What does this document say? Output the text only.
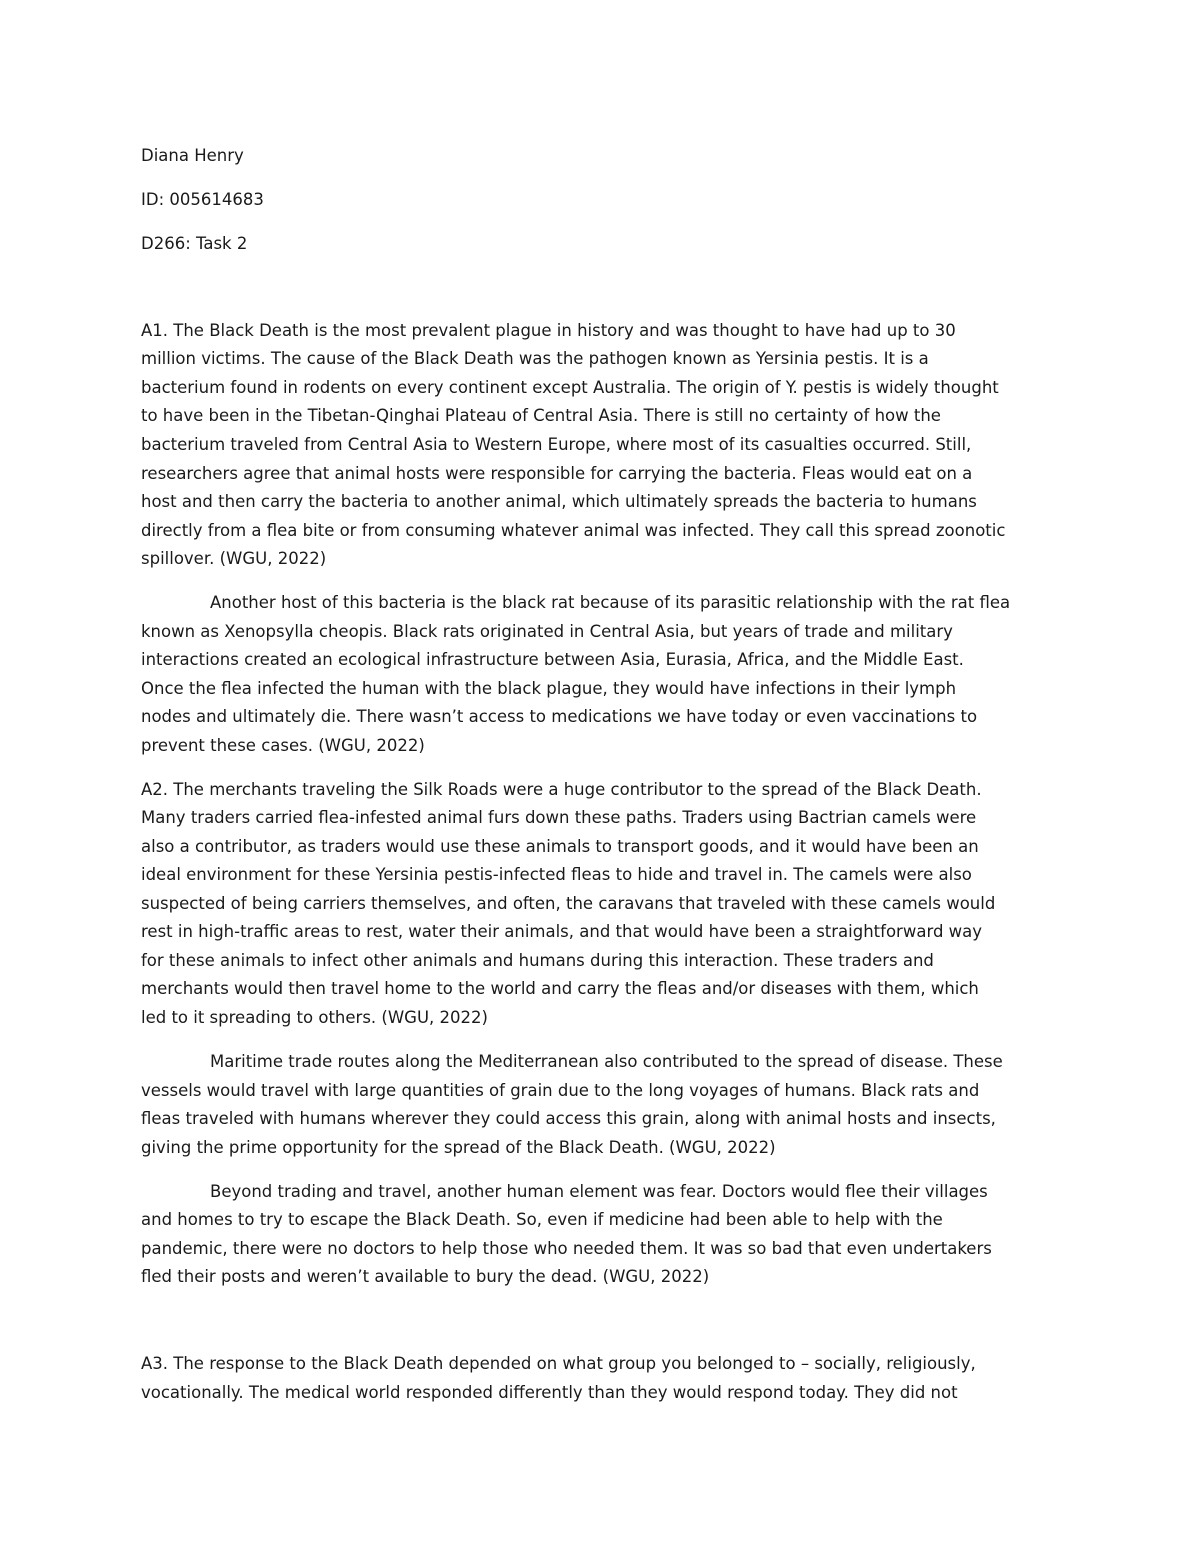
Diana Henry
ID: 005614683
D266: Task 2
A1. The Black Death is the most prevalent plague in history and was thought to have had up to 30
million victims. The cause of the Black Death was the pathogen known as Yersinia pestis. It is a
bacterium found in rodents on every continent except Australia. The origin of Y. pestis is widely thought
to have been in the Tibetan-Qinghai Plateau of Central Asia. There is still no certainty of how the
bacterium traveled from Central Asia to Western Europe, where most of its casualties occurred. Still,
researchers agree that animal hosts were responsible for carrying the bacteria. Fleas would eat on a
host and then carry the bacteria to another animal, which ultimately spreads the bacteria to humans
directly from a flea bite or from consuming whatever animal was infected. They call this spread zoonotic
spillover. (WGU, 2022)
Another host of this bacteria is the black rat because of its parasitic relationship with the rat flea
known as Xenopsylla cheopis. Black rats originated in Central Asia, but years of trade and military
interactions created an ecological infrastructure between Asia, Eurasia, Africa, and the Middle East.
Once the flea infected the human with the black plague, they would have infections in their lymph
nodes and ultimately die. There wasn’t access to medications we have today or even vaccinations to
prevent these cases. (WGU, 2022)
A2. The merchants traveling the Silk Roads were a huge contributor to the spread of the Black Death.
Many traders carried flea-infested animal furs down these paths. Traders using Bactrian camels were
also a contributor, as traders would use these animals to transport goods, and it would have been an
ideal environment for these Yersinia pestis-infected fleas to hide and travel in. The camels were also
suspected of being carriers themselves, and often, the caravans that traveled with these camels would
rest in high-traffic areas to rest, water their animals, and that would have been a straightforward way
for these animals to infect other animals and humans during this interaction. These traders and
merchants would then travel home to the world and carry the fleas and/or diseases with them, which
led to it spreading to others. (WGU, 2022)
Maritime trade routes along the Mediterranean also contributed to the spread of disease. These
vessels would travel with large quantities of grain due to the long voyages of humans. Black rats and
fleas traveled with humans wherever they could access this grain, along with animal hosts and insects,
giving the prime opportunity for the spread of the Black Death. (WGU, 2022)
Beyond trading and travel, another human element was fear. Doctors would flee their villages
and homes to try to escape the Black Death. So, even if medicine had been able to help with the
pandemic, there were no doctors to help those who needed them. It was so bad that even undertakers
fled their posts and weren’t available to bury the dead. (WGU, 2022)
A3. The response to the Black Death depended on what group you belonged to – socially, religiously,
vocationally. The medical world responded differently than they would respond today. They did not
